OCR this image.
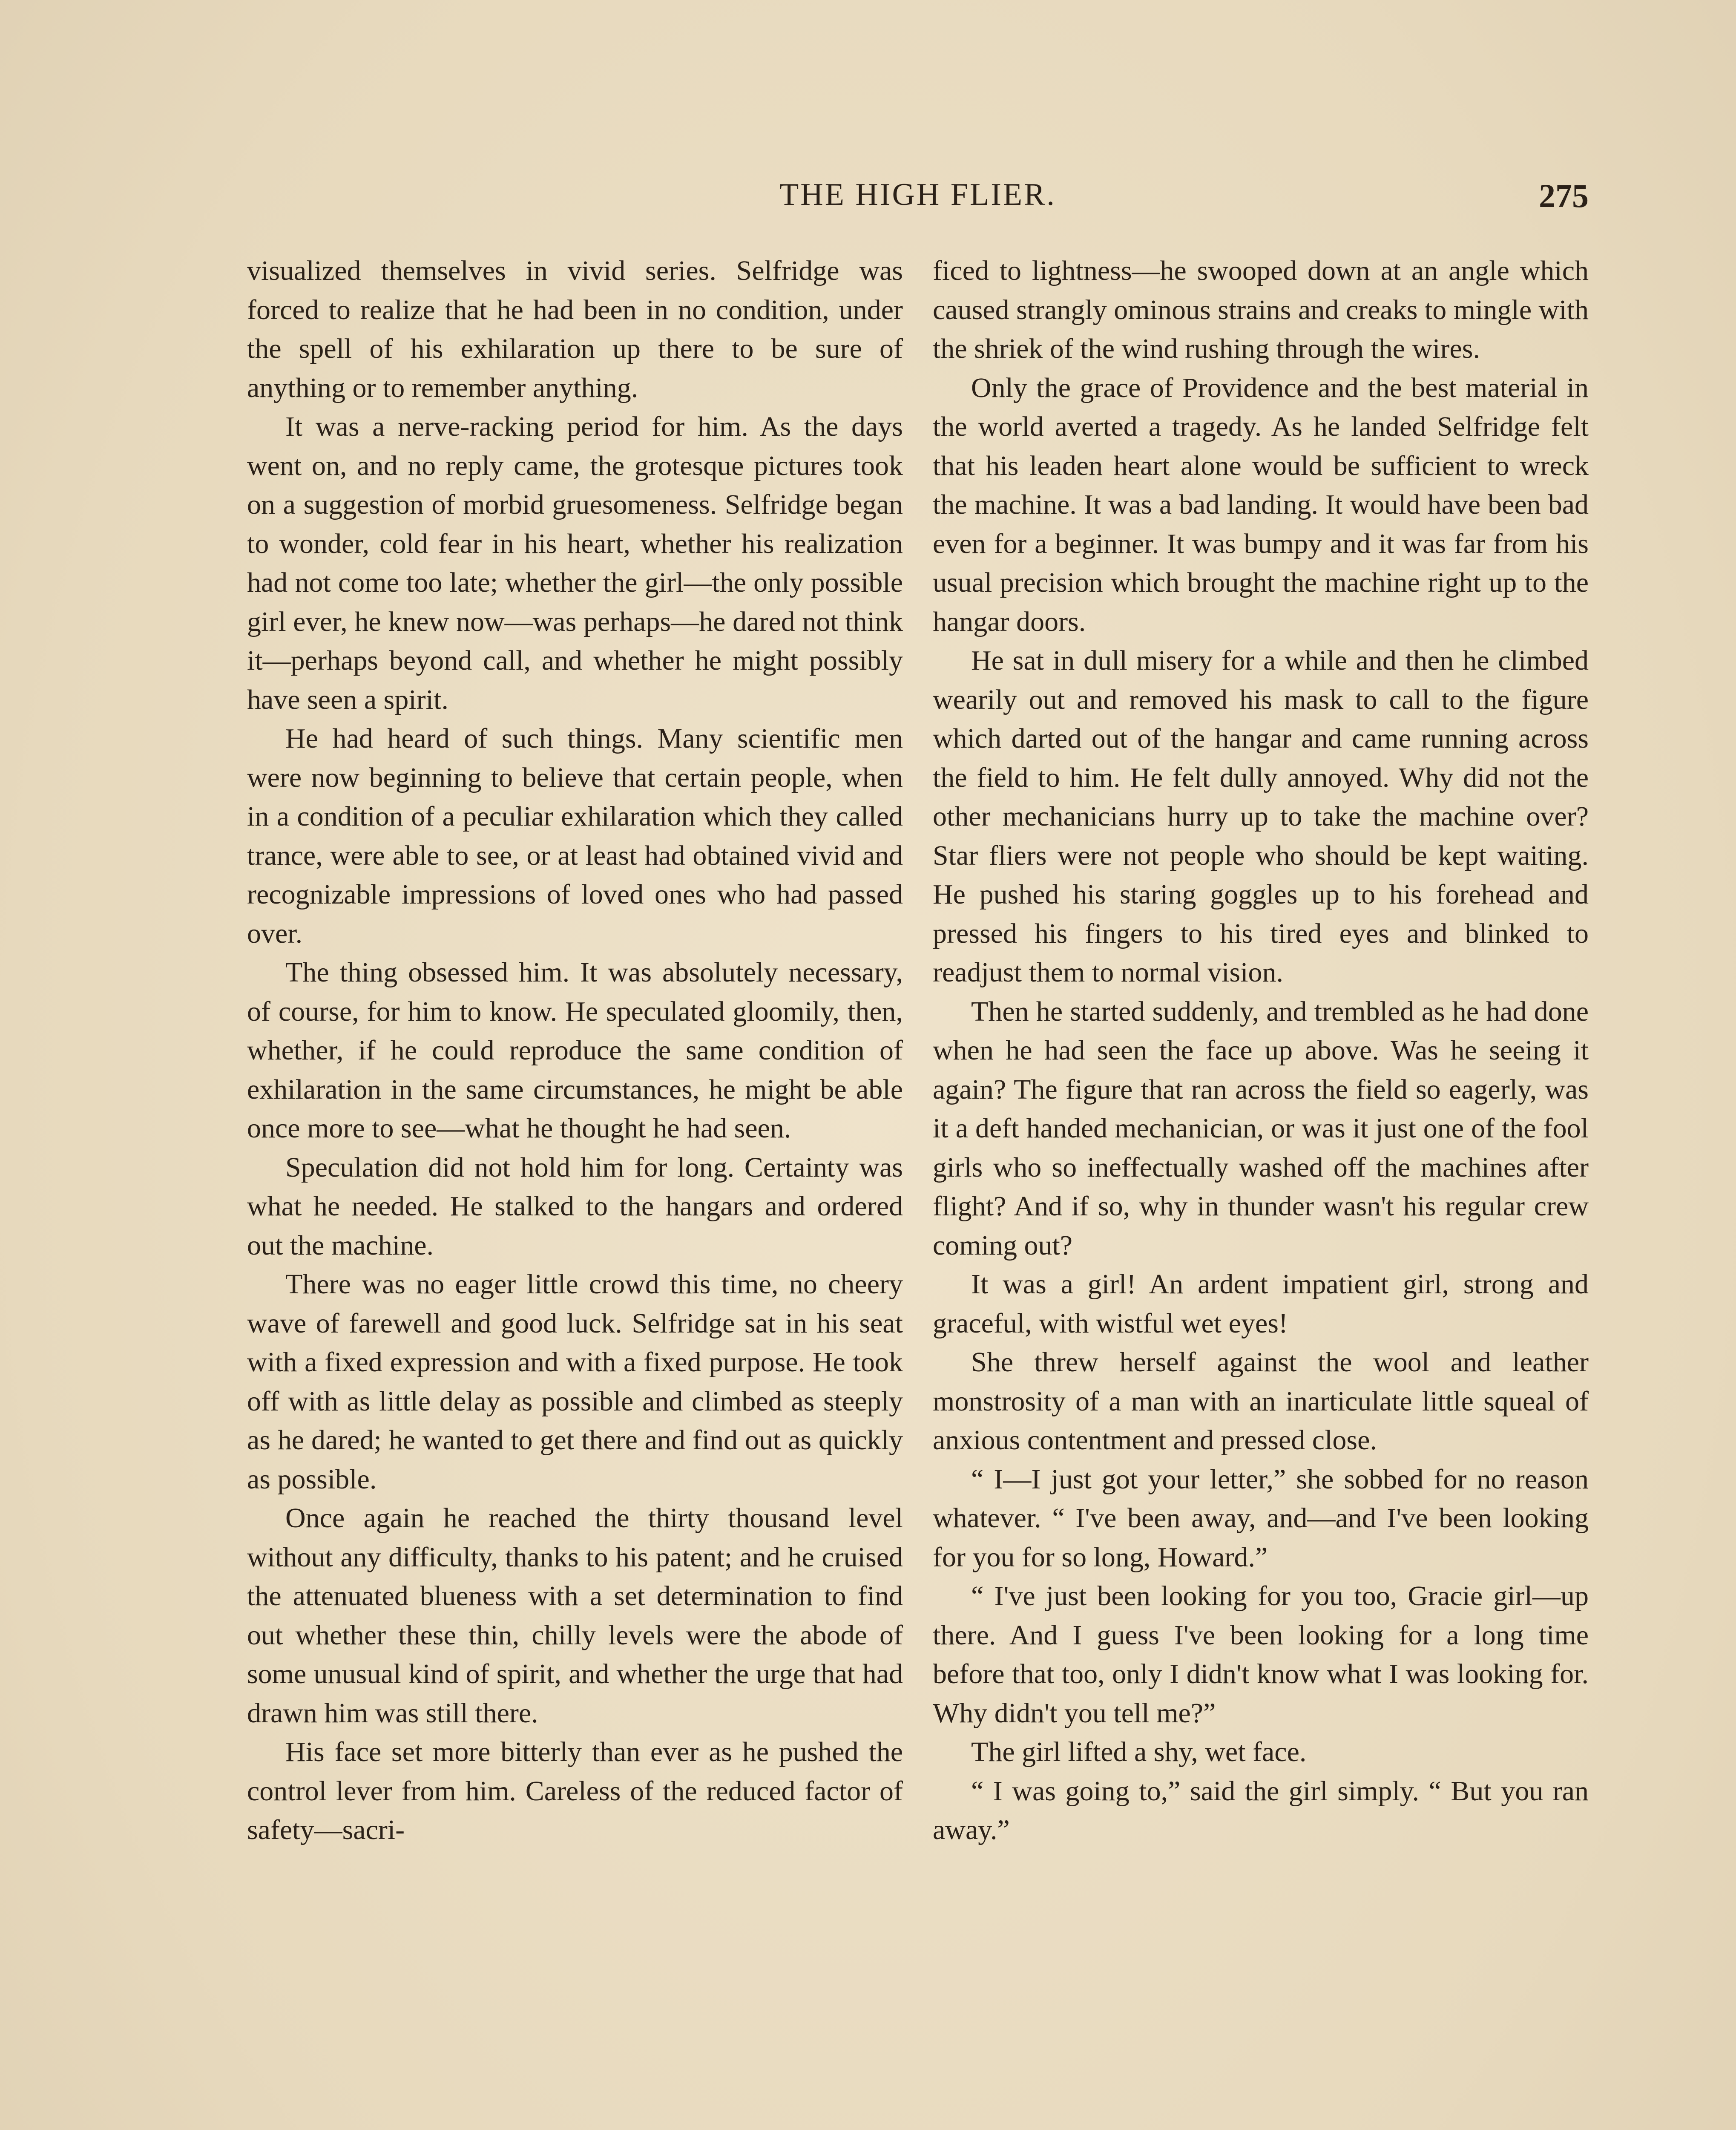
THE HIGH FLIER.	275

visualized themselves in vivid series. Selfridge was forced to realize that he had been in no condition, under the spell of his exhilaration up there to be sure of anything or to remember anything.

It was a nerve-racking period for him. As the days went on, and no reply came, the grotesque pictures took on a suggestion of morbid gruesomeness. Selfridge began to wonder, cold fear in his heart, whether his realization had not come too late; whether the girl—the only possible girl ever, he knew now—was perhaps—he dared not think it—perhaps beyond call, and whether he might possibly have seen a spirit.

He had heard of such things. Many scientific men were now beginning to believe that certain people, when in a condition of a peculiar exhilaration which they called trance, were able to see, or at least had obtained vivid and recognizable impressions of loved ones who had passed over.

The thing obsessed him. It was absolutely necessary, of course, for him to know. He speculated gloomily, then, whether, if he could reproduce the same condition of exhilaration in the same circumstances, he might be able once more to see—what he thought he had seen.

Speculation did not hold him for long. Certainty was what he needed. He stalked to the hangars and ordered out the machine.

There was no eager little crowd this time, no cheery wave of farewell and good luck. Selfridge sat in his seat with a fixed expression and with a fixed purpose. He took off with as little delay as possible and climbed as steeply as he dared; he wanted to get there and find out as quickly as possible.

Once again he reached the thirty thousand level without any difficulty, thanks to his patent; and he cruised the attenuated blueness with a set determination to find out whether these thin, chilly levels were the abode of some unusual kind of spirit, and whether the urge that had drawn him was still there.

His face set more bitterly than ever as he pushed the control lever from him. Careless of the reduced factor of safety—sacri-

ficed to lightness—he swooped down at an angle which caused strangly ominous strains and creaks to mingle with the shriek of the wind rushing through the wires.

Only the grace of Providence and the best material in the world averted a tragedy. As he landed Selfridge felt that his leaden heart alone would be sufficient to wreck the machine. It was a bad landing. It would have been bad even for a beginner. It was bumpy and it was far from his usual precision which brought the machine right up to the hangar doors.

He sat in dull misery for a while and then he climbed wearily out and removed his mask to call to the figure which darted out of the hangar and came running across the field to him. He felt dully annoyed. Why did not the other mechanicians hurry up to take the machine over? Star fliers were not people who should be kept waiting. He pushed his staring goggles up to his forehead and pressed his fingers to his tired eyes and blinked to readjust them to normal vision.

Then he started suddenly, and trembled as he had done when he had seen the face up above. Was he seeing it again? The figure that ran across the field so eagerly, was it a deft handed mechanician, or was it just one of the fool girls who so ineffectually washed off the machines after flight? And if so, why in thunder wasn't his regular crew coming out?

It was a girl! An ardent impatient girl, strong and graceful, with wistful wet eyes!

She threw herself against the wool and leather monstrosity of a man with an inarticulate little squeal of anxious contentment and pressed close.

“ I—I just got your letter,” she sobbed for no reason whatever. “ I've been away, and—and I've been looking for you for so long, Howard.”

“ I've just been looking for you too, Gracie girl—up there. And I guess I've been looking for a long time before that too, only I didn't know what I was looking for. Why didn't you tell me?”

The girl lifted a shy, wet face.

“ I was going to,” said the girl simply. “ But you ran away.”
